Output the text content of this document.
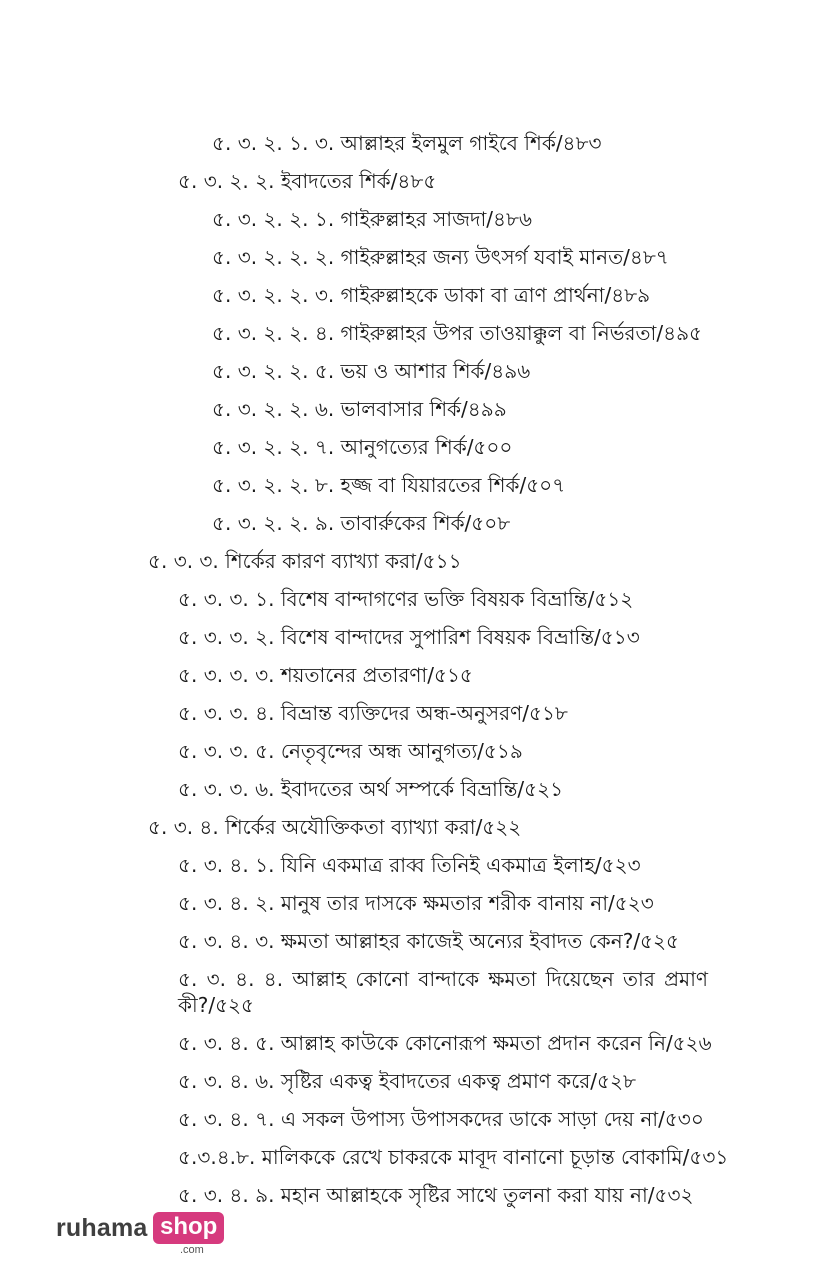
৫. ৩. ২. ১. ৩. আল্লাহর ইলমুল গাইবে শির্ক/৪৮৩
৫. ৩. ২. ২. ইবাদতের শির্ক/৪৮৫
৫. ৩. ২. ২. ১. গাইরুল্লাহর সাজদা/৪৮৬
৫. ৩. ২. ২. ২. গাইরুল্লাহর জন্য উৎসর্গ যবাই মানত/৪৮৭
৫. ৩. ২. ২. ৩. গাইরুল্লাহকে ডাকা বা ত্রাণ প্রার্থনা/৪৮৯
৫. ৩. ২. ২. ৪. গাইরুল্লাহর উপর তাওয়াক্কুল বা নির্ভরতা/৪৯৫
৫. ৩. ২. ২. ৫. ভয় ও আশার শির্ক/৪৯৬
৫. ৩. ২. ২. ৬. ভালবাসার শির্ক/৪৯৯
৫. ৩. ২. ২. ৭. আনুগত্যের শির্ক/৫০০
৫. ৩. ২. ২. ৮. হজ্জ বা যিয়ারতের শির্ক/৫০৭
৫. ৩. ২. ২. ৯. তাবার্রুকের শির্ক/৫০৮
৫. ৩. ৩. শির্কের কারণ ব্যাখ্যা করা/৫১১
৫. ৩. ৩. ১. বিশেষ বান্দাগণের ভক্তি বিষয়ক বিভ্রান্তি/৫১২
৫. ৩. ৩. ২. বিশেষ বান্দাদের সুপারিশ বিষয়ক বিভ্রান্তি/৫১৩
৫. ৩. ৩. ৩. শয়তানের প্রতারণা/৫১৫
৫. ৩. ৩. ৪. বিভ্রান্ত ব্যক্তিদের অন্ধ-অনুসরণ/৫১৮
৫. ৩. ৩. ৫. নেতৃবৃন্দের অন্ধ আনুগত্য/৫১৯
৫. ৩. ৩. ৬. ইবাদতের অর্থ সম্পর্কে বিভ্রান্তি/৫২১
৫. ৩. ৪. শির্কের অযৌক্তিকতা ব্যাখ্যা করা/৫২২
৫. ৩. ৪. ১. যিনি একমাত্র রাব্ব তিনিই একমাত্র ইলাহ/৫২৩
৫. ৩. ৪. ২. মানুষ তার দাসকে ক্ষমতার শরীক বানায় না/৫২৩
৫. ৩. ৪. ৩. ক্ষমতা আল্লাহর কাজেই অন্যের ইবাদত কেন?/৫২৫
৫. ৩. ৪. ৪. আল্লাহ কোনো বান্দাকে ক্ষমতা দিয়েছেন তার প্রমাণ কী?/৫২৫
৫. ৩. ৪. ৫. আল্লাহ কাউকে কোনোরূপ ক্ষমতা প্রদান করেন নি/৫২৬
৫. ৩. ৪. ৬. সৃষ্টির একত্ব ইবাদতের একত্ব প্রমাণ করে/৫২৮
৫. ৩. ৪. ৭. এ সকল উপাস্য উপাসকদের ডাকে সাড়া দেয় না/৫৩০
৫.৩.৪.৮. মালিককে রেখে চাকরকে মাবূদ বানানো চূড়ান্ত বোকামি/৫৩১
৫. ৩. ৪. ৯. মহান আল্লাহকে সৃষ্টির সাথে তুলনা করা যায় না/৫৩২
ruhama shop
.com
